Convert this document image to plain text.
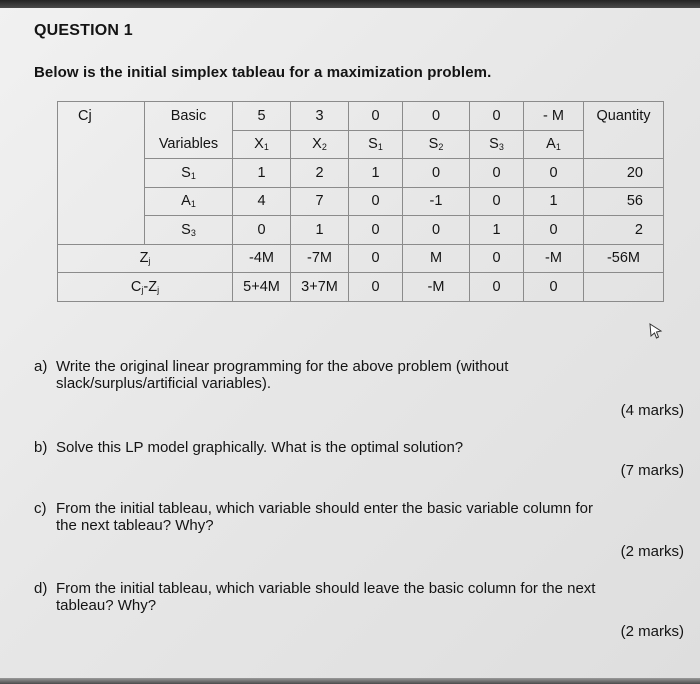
QUESTION 1
Below is the initial simplex tableau for a maximization problem.
Cj	Basic	5	3	0	0	0	- M	Quantity
	Variables	$X_1$	$X_2$	$S_1$	$S_2$	$S_3$	$A_1$	
	$S_1$	1	2	1	0	0	0	20
	$A_1$	4	7	0	-1	0	1	56
	$S_3$	0	1	0	0	1	0	2
$Z_j$		-4M	-7M	0	M	0	-M	-56M
$C_j-Z_j$		5+4M	3+7M	0	-M	0	0	
a) Write the original linear programming for the above problem (without
slack/surplus/artificial variables).
(4 marks)
b) Solve this LP model graphically. What is the optimal solution?
(7 marks)
c) From the initial tableau, which variable should enter the basic variable column for
the next tableau? Why?
(2 marks)
d) From the initial tableau, which variable should leave the basic column for the next
tableau? Why?
(2 marks)
